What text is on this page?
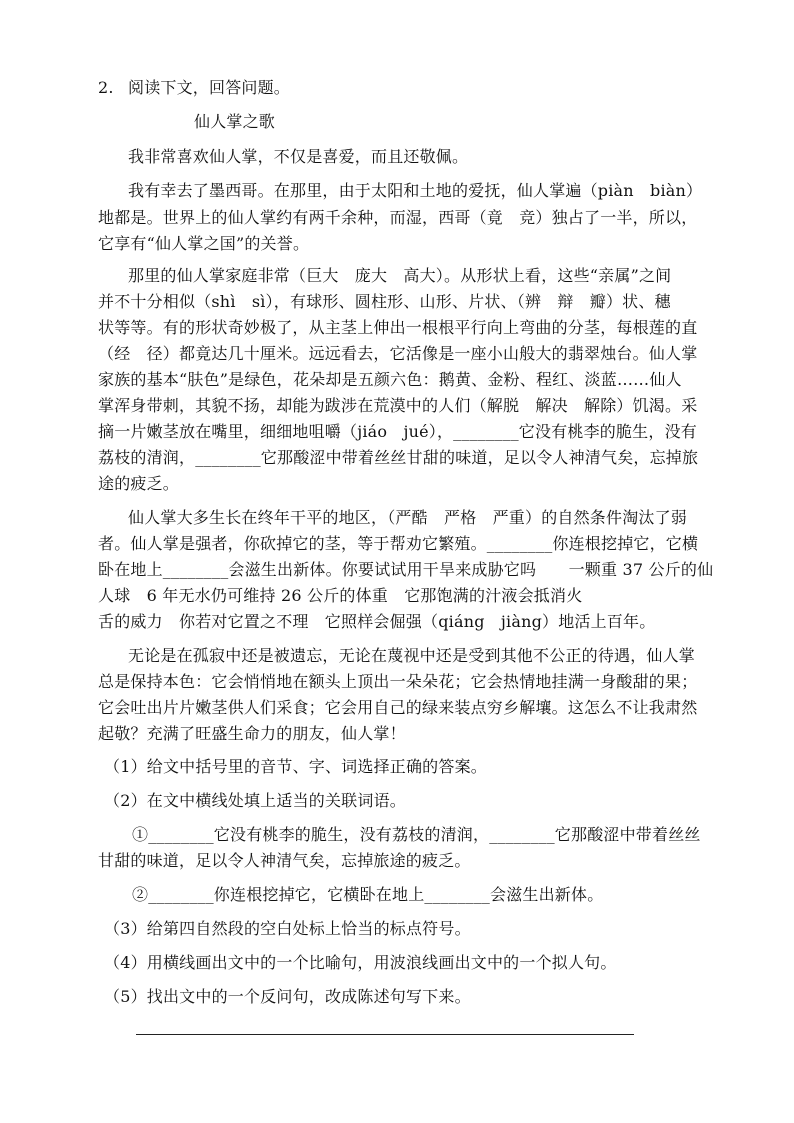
2. 阅读下文，回答问题。
仙人掌之歌
我非常喜欢仙人掌，不仅是喜爱，而且还敬佩。
我有幸去了墨西哥。在那里，由于太阳和土地的爱抚，仙人掌遍（piàn　biàn）
地都是。世界上的仙人掌约有两千余种，而湿，西哥（竟　竞）独占了一半，所以，
它享有“仙人掌之国”的关誉。
那里的仙人掌家庭非常（巨大　庞大　高大）。从形状上看，这些“亲属”之间
并不十分相似（shì　sì），有球形、圆柱形、山形、片状、（辨　辩　瓣）状、穗
状等等。有的形状奇妙极了，从主茎上伸出一根根平行向上弯曲的分茎，每根莲的直
（经　径）都竟达几十厘米。远远看去，它活像是一座小山般大的翡翠烛台。仙人掌
家族的基本“肤色”是绿色，花朵却是五颜六色：鹅黄、金粉、程红、淡蓝……仙人
掌浑身带刺，其貌不扬，却能为跋涉在荒漠中的人们（解脱　解决　解除）饥渴。采
摘一片嫩茎放在嘴里，细细地咀嚼（jiáo　jué），________它没有桃李的脆生，没有
荔枝的清润，________它那酸涩中带着丝丝甘甜的味道，足以令人神清气矣，忘掉旅
途的疲乏。
仙人掌大多生长在终年干平的地区，（严酷　严格　严重）的自然条件淘汰了弱
者。仙人掌是强者，你砍掉它的茎，等于帮劝它繁殖。________你连根挖掉它，它横
卧在地上________会滋生出新体。你要试试用干旱来成胁它吗　　一颗重 37 公斤的仙
人球　6 年无水仍可维持 26 公斤的体重　它那饱满的汁液会抵消火
舌的威力　你若对它置之不理　它照样会倔强（qiáng　jiàng）地活上百年。
无论是在孤寂中还是被遗忘，无论在蔑视中还是受到其他不公正的待遇，仙人掌
总是保持本色：它会悄悄地在额头上顶出一朵朵花；它会热情地挂满一身酸甜的果；
它会吐出片片嫩茎供人们采食；它会用自己的绿来装点穷乡解壤。这怎么不让我肃然
起敬？充满了旺盛生命力的朋友，仙人掌！
（1）给文中括号里的音节、字、词选择正确的答案。
（2）在文中横线处填上适当的关联词语。
①________它没有桃李的脆生，没有荔枝的清润，________它那酸涩中带着丝丝
甘甜的味道，足以令人神清气矣，忘掉旅途的疲乏。
②________你连根挖掉它，它横卧在地上________会滋生出新体。
（3）给第四自然段的空白处标上恰当的标点符号。
（4）用横线画出文中的一个比喻句，用波浪线画出文中的一个拟人句。
（5）找出文中的一个反问句，改成陈述句写下来。
